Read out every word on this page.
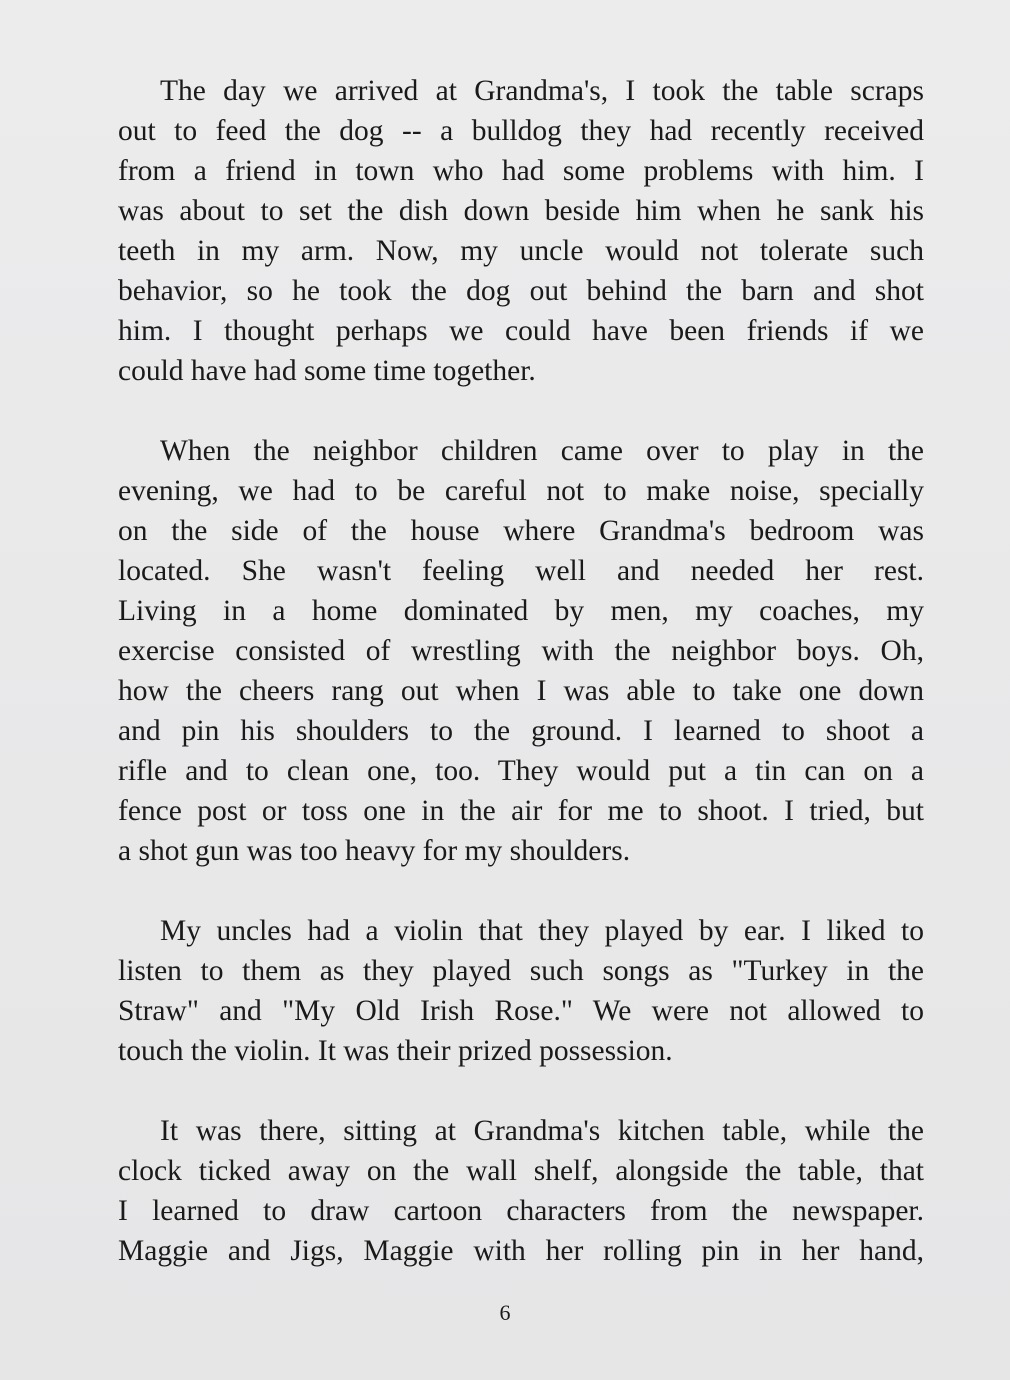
The day we arrived at Grandma's, I took the table scraps
out to feed the dog -- a bulldog they had recently received
from a friend in town who had some problems with him. I
was about to set the dish down beside him when he sank his
teeth in my arm. Now, my uncle would not tolerate such
behavior, so he took the dog out behind the barn and shot
him. I thought perhaps we could have been friends if we
could have had some time together.

When the neighbor children came over to play in the
evening, we had to be careful not to make noise, specially
on the side of the house where Grandma's bedroom was
located. She wasn't feeling well and needed her rest.
Living in a home dominated by men, my coaches, my
exercise consisted of wrestling with the neighbor boys. Oh,
how the cheers rang out when I was able to take one down
and pin his shoulders to the ground. I learned to shoot a
rifle and to clean one, too. They would put a tin can on a
fence post or toss one in the air for me to shoot. I tried, but
a shot gun was too heavy for my shoulders.

My uncles had a violin that they played by ear. I liked to
listen to them as they played such songs as "Turkey in the
Straw" and "My Old Irish Rose." We were not allowed to
touch the violin. It was their prized possession.

It was there, sitting at Grandma's kitchen table, while the
clock ticked away on the wall shelf, alongside the table, that
I learned to draw cartoon characters from the newspaper.
Maggie and Jigs, Maggie with her rolling pin in her hand,

6
